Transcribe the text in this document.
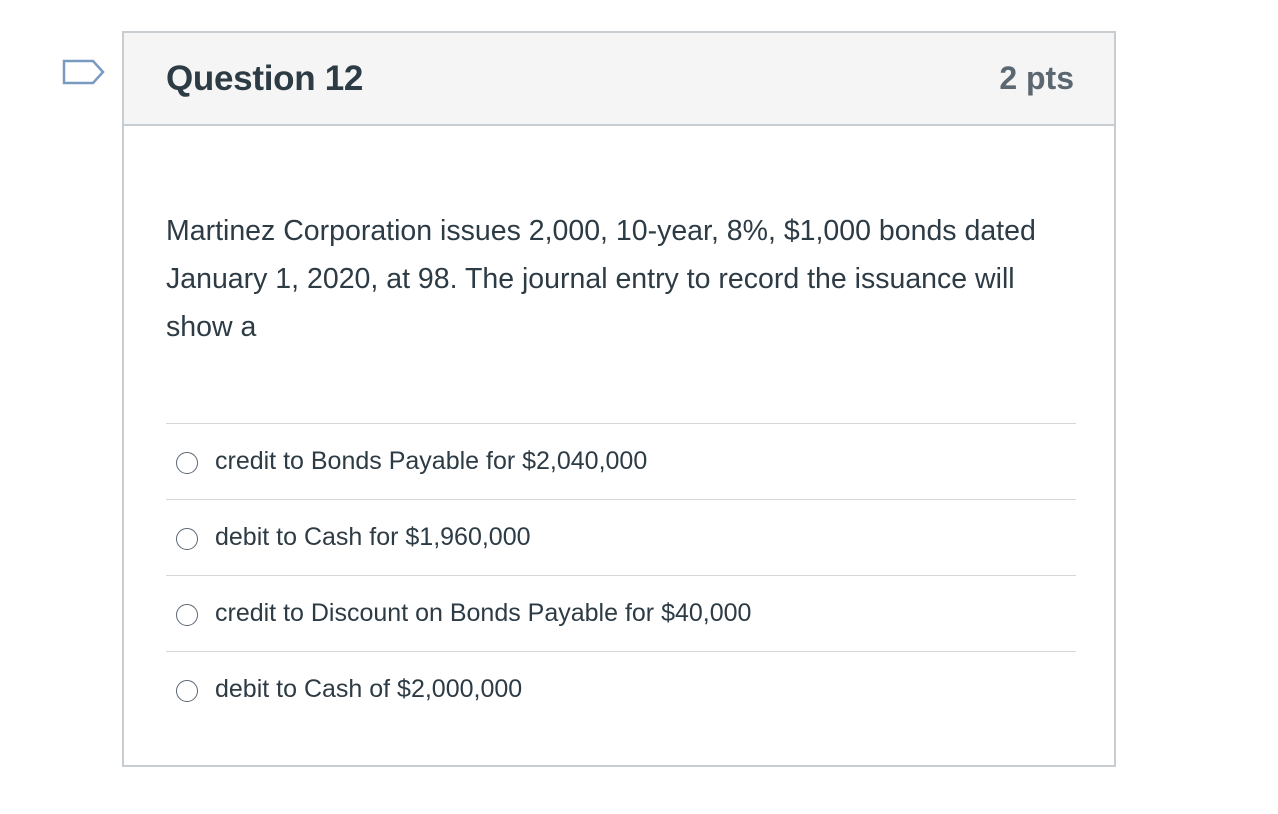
Question 12	2 pts
Martinez Corporation issues 2,000, 10-year, 8%, $1,000 bonds dated January 1, 2020, at 98. The journal entry to record the issuance will show a
credit to Bonds Payable for $2,040,000
debit to Cash for $1,960,000
credit to Discount on Bonds Payable for $40,000
debit to Cash of $2,000,000
